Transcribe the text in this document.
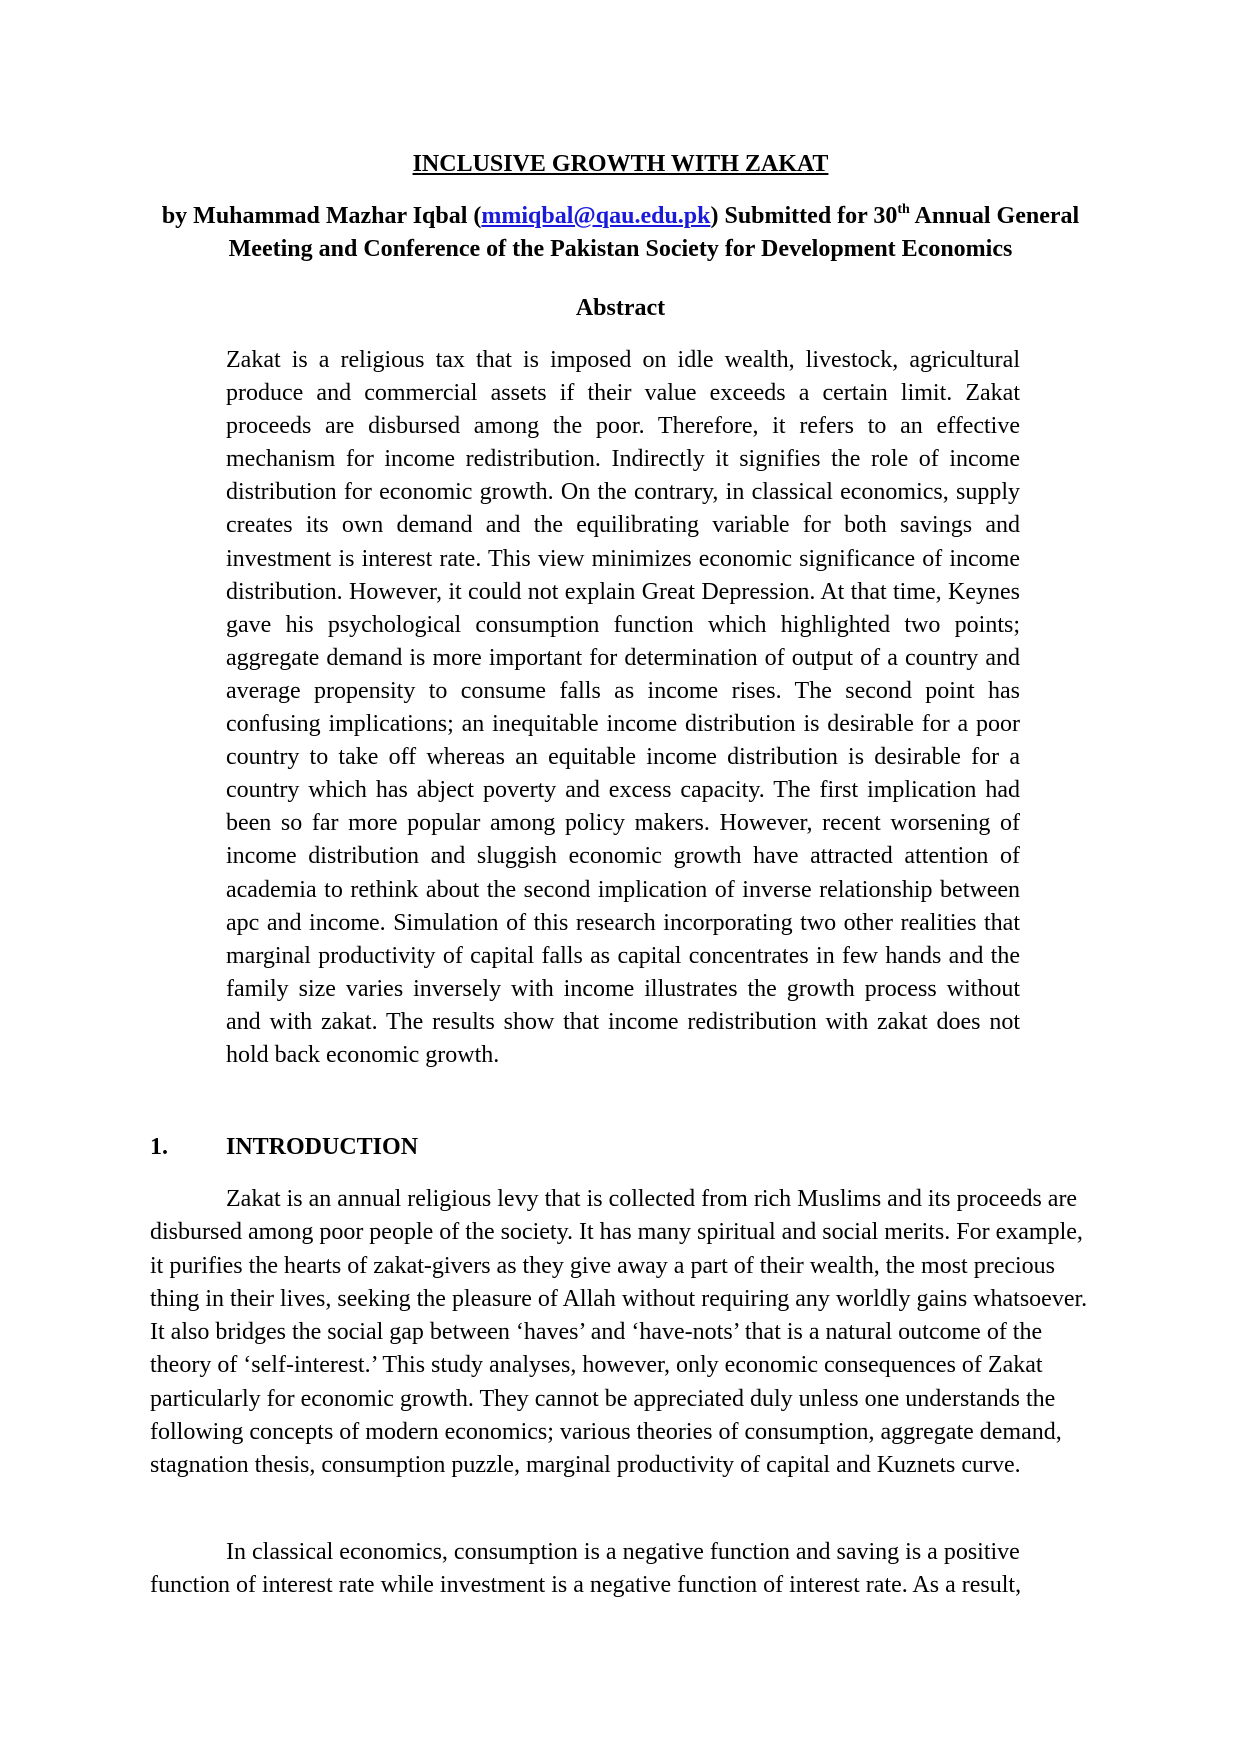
INCLUSIVE GROWTH WITH ZAKAT
by Muhammad Mazhar Iqbal (mmiqbal@qau.edu.pk) Submitted for 30th Annual General Meeting and Conference of the Pakistan Society for Development Economics
Abstract

Zakat is a religious tax that is imposed on idle wealth, livestock, agricultural produce and commercial assets if their value exceeds a certain limit. Zakat proceeds are disbursed among the poor. Therefore, it refers to an effective mechanism for income redistribution. Indirectly it signifies the role of income distribution for economic growth. On the contrary, in classical economics, supply creates its own demand and the equilibrating variable for both savings and investment is interest rate. This view minimizes economic significance of income distribution. However, it could not explain Great Depression. At that time, Keynes gave his psychological consumption function which highlighted two points; aggregate demand is more important for determination of output of a country and average propensity to consume falls as income rises. The second point has confusing implications; an inequitable income distribution is desirable for a poor country to take off whereas an equitable income distribution is desirable for a country which has abject poverty and excess capacity. The first implication had been so far more popular among policy makers. However, recent worsening of income distribution and sluggish economic growth have attracted attention of academia to rethink about the second implication of inverse relationship between apc and income. Simulation of this research incorporating two other realities that marginal productivity of capital falls as capital concentrates in few hands and the family size varies inversely with income illustrates the growth process without and with zakat. The results show that income redistribution with zakat does not hold back economic growth.

1. INTRODUCTION

Zakat is an annual religious levy that is collected from rich Muslims and its proceeds are disbursed among poor people of the society. It has many spiritual and social merits. For example, it purifies the hearts of zakat-givers as they give away a part of their wealth, the most precious thing in their lives, seeking the pleasure of Allah without requiring any worldly gains whatsoever. It also bridges the social gap between ‘haves’ and ‘have-nots’ that is a natural outcome of the theory of ‘self-interest.’ This study analyses, however, only economic consequences of Zakat particularly for economic growth. They cannot be appreciated duly unless one understands the following concepts of modern economics; various theories of consumption, aggregate demand, stagnation thesis, consumption puzzle, marginal productivity of capital and Kuznets curve.

In classical economics, consumption is a negative function and saving is a positive function of interest rate while investment is a negative function of interest rate. As a result,
